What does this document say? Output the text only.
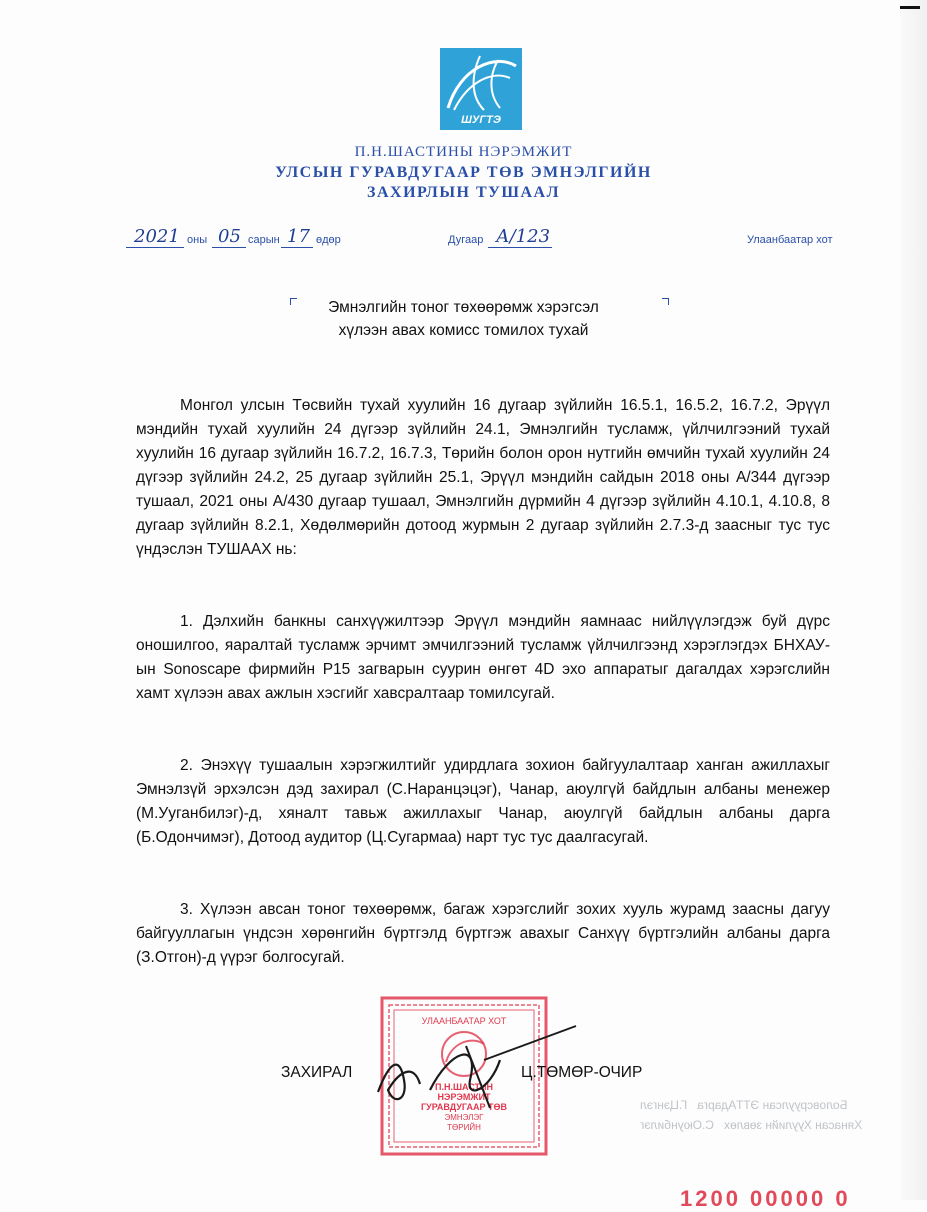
ШУГТЭ
П.Н.ШАСТИНЫ НЭРЭМЖИТ
УЛСЫН ГУРАВДУГААР ТӨВ ЭМНЭЛГИЙН
ЗАХИРЛЫН ТУШААЛ
2021 оны 05 сарын 17 өдөр	Дугаар А/123	Улаанбаатар хот
Эмнэлгийн тоног төхөөрөмж хэрэгсэл
хүлээн авах комисс томилох тухай

Монгол улсын Төсвийн тухай хуулийн 16 дугаар зүйлийн 16.5.1, 16.5.2, 16.7.2, Эрүүл мэндийн тухай хуулийн 24 дүгээр зүйлийн 24.1, Эмнэлгийн тусламж, үйлчилгээний тухай хуулийн 16 дугаар зүйлийн 16.7.2, 16.7.3, Төрийн болон орон нутгийн өмчийн тухай хуулийн 24 дүгээр зүйлийн 24.2, 25 дугаар зүйлийн 25.1, Эрүүл мэндийн сайдын 2018 оны А/344 дүгээр тушаал, 2021 оны А/430 дугаар тушаал, Эмнэлгийн дүрмийн 4 дүгээр зүйлийн 4.10.1, 4.10.8, 8 дугаар зүйлийн 8.2.1, Хөдөлмөрийн дотоод журмын 2 дугаар зүйлийн 2.7.3-д заасныг тус тус үндэслэн ТУШААХ нь:

1. Дэлхийн банкны санхүүжилтээр Эрүүл мэндийн яамнаас нийлүүлэгдэж буй дүрс оношилгоо, яаралтай тусламж эрчимт эмчилгээний тусламж үйлчилгээнд хэрэглэгдэх БНХАУ-ын Sonoscape фирмийн P15 загварын суурин өнгөт 4D эхо аппаратыг дагалдах хэрэгслийн хамт хүлээн авах ажлын хэсгийг хавсралтаар томилсугай.

2. Энэхүү тушаалын хэрэгжилтийг удирдлага зохион байгуулалтаар ханган ажиллахыг Эмнэлзүй эрхэлсэн дэд захирал (С.Наранцэцэг), Чанар, аюулгүй байдлын албаны менежер (М.Ууганбилэг)-д, хяналт тавьж ажиллахыг Чанар, аюулгүй байдлын албаны дарга (Б.Одончимэг), Дотоод аудитор (Ц.Сугармаа) нарт тус тус даалгасугай.

3. Хүлээн авсан тоног төхөөрөмж, багаж хэрэгслийг зохих хууль журамд заасны дагуу байгууллагын үндсэн хөрөнгийн бүртгэлд бүртгэж авахыг Санхүү бүртгэлийн албаны дарга (З.Отгон)-д үүрэг болгосугай.

Боловсруулсан ЭТТАдарга   Г.Цэнгэл
Хянасан Хуулийн зөвлөх   С.Оюунбилэг
УЛААНБААТАР ХОТ
П.Н.ШАСТИН
НЭРЭМЖИТ
ГУРАВДУГААР ТӨВ
ЭМНЭЛЭГ
ТӨРИЙН
ЗАХИРАЛ	Ц.ТӨМӨР-ОЧИР
1200 00000 0
